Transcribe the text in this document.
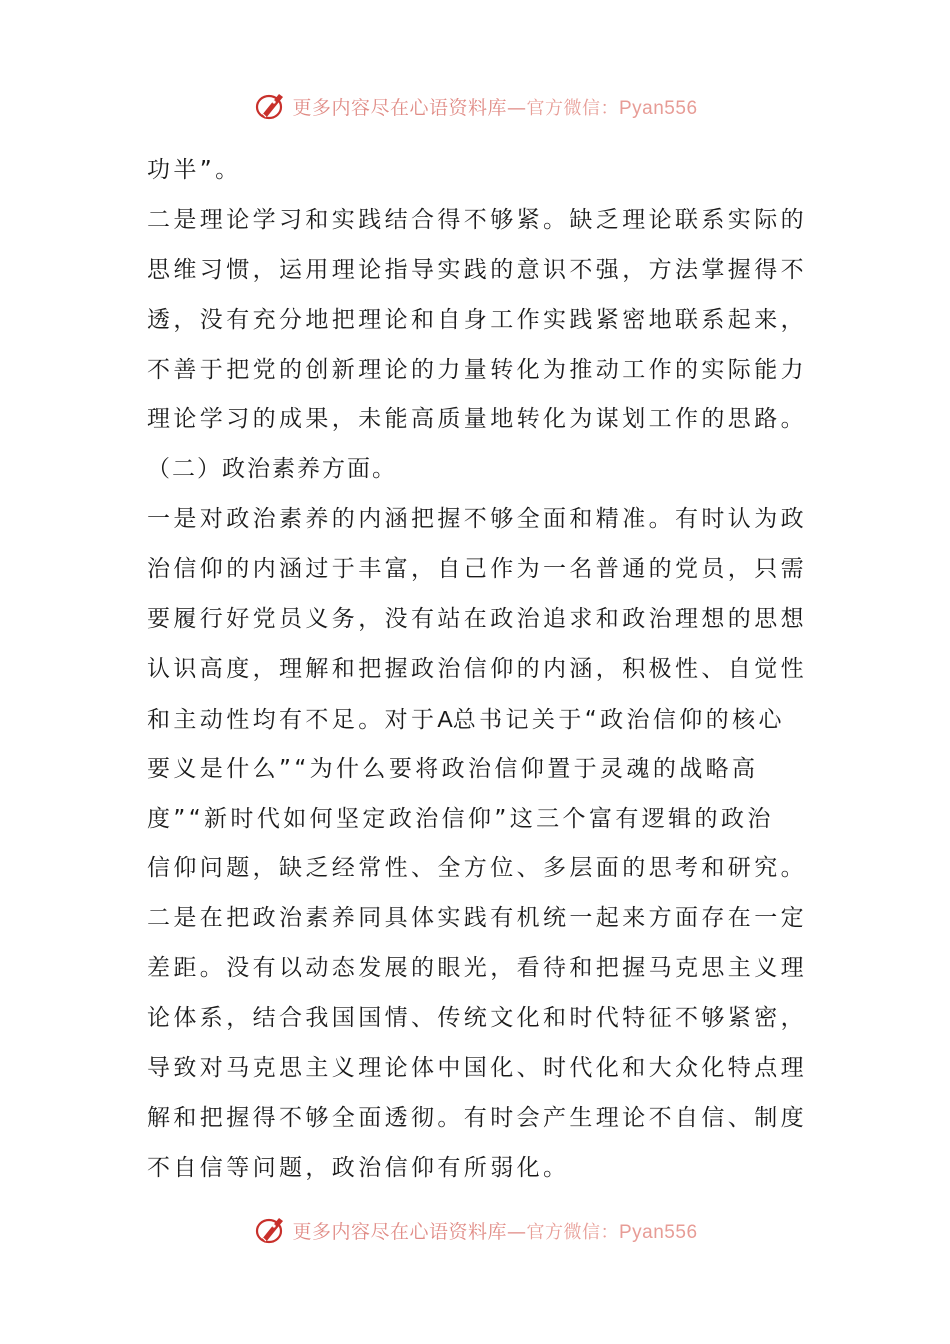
更多内容尽在心语资料库—官方微信：Pyan556
功半”。
二是理论学习和实践结合得不够紧。缺乏理论联系实际的
思维习惯，运用理论指导实践的意识不强，方法掌握得不
透，没有充分地把理论和自身工作实践紧密地联系起来，
不善于把党的创新理论的力量转化为推动工作的实际能力
理论学习的成果，未能高质量地转化为谋划工作的思路。
（二）政治素养方面。
一是对政治素养的内涵把握不够全面和精准。有时认为政
治信仰的内涵过于丰富，自己作为一名普通的党员，只需
要履行好党员义务，没有站在政治追求和政治理想的思想
认识高度，理解和把握政治信仰的内涵，积极性、自觉性
和主动性均有不足。对于A总书记关于“政治信仰的核心
要义是什么”“为什么要将政治信仰置于灵魂的战略高
度”“新时代如何坚定政治信仰”这三个富有逻辑的政治
信仰问题，缺乏经常性、全方位、多层面的思考和研究。
二是在把政治素养同具体实践有机统一起来方面存在一定
差距。没有以动态发展的眼光，看待和把握马克思主义理
论体系，结合我国国情、传统文化和时代特征不够紧密，
导致对马克思主义理论体中国化、时代化和大众化特点理
解和把握得不够全面透彻。有时会产生理论不自信、制度
不自信等问题，政治信仰有所弱化。
更多内容尽在心语资料库—官方微信：Pyan556
